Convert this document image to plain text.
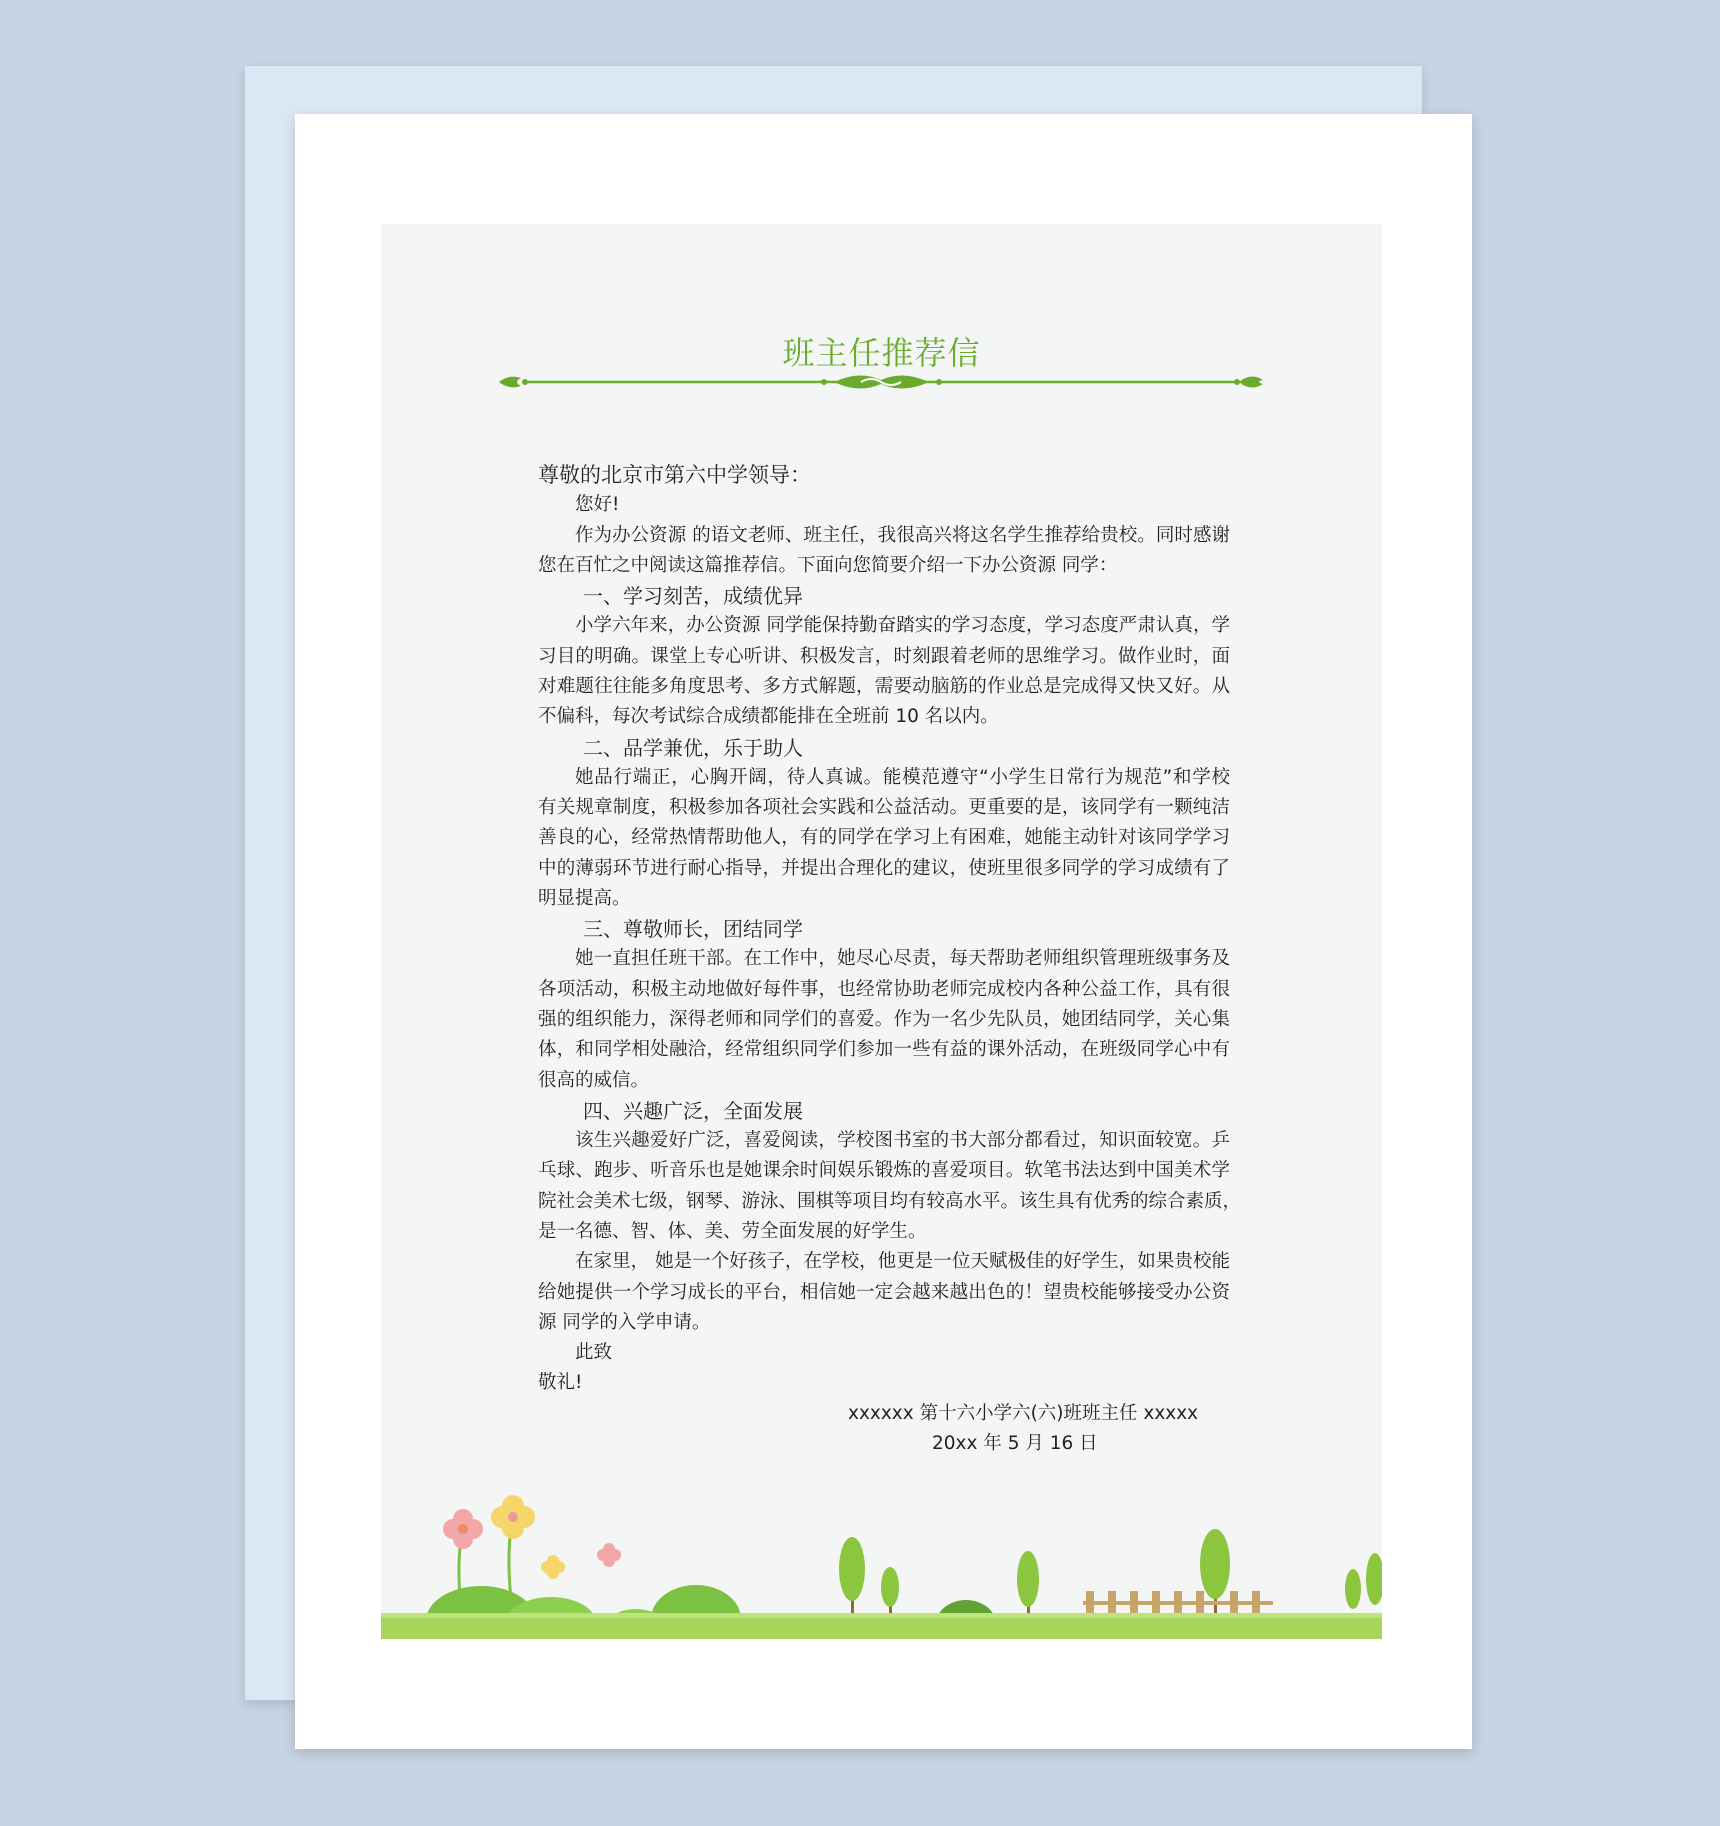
班主任推荐信
尊敬的北京市第六中学领导：
您好!
作为办公资源 的语文老师、班主任，我很高兴将这名学生推荐给贵校。同时感谢
您在百忙之中阅读这篇推荐信。下面向您简要介绍一下办公资源 同学：
一、学习刻苦，成绩优异
小学六年来，办公资源 同学能保持勤奋踏实的学习态度，学习态度严肃认真，学
习目的明确。课堂上专心听讲、积极发言，时刻跟着老师的思维学习。做作业时，面
对难题往往能多角度思考、多方式解题，需要动脑筋的作业总是完成得又快又好。从
不偏科，每次考试综合成绩都能排在全班前 10 名以内。
二、品学兼优，乐于助人
她品行端正，心胸开阔，待人真诚。能模范遵守“小学生日常行为规范”和学校
有关规章制度，积极参加各项社会实践和公益活动。更重要的是，该同学有一颗纯洁
善良的心，经常热情帮助他人，有的同学在学习上有困难，她能主动针对该同学学习
中的薄弱环节进行耐心指导，并提出合理化的建议，使班里很多同学的学习成绩有了
明显提高。
三、尊敬师长，团结同学
她一直担任班干部。在工作中，她尽心尽责，每天帮助老师组织管理班级事务及
各项活动，积极主动地做好每件事，也经常协助老师完成校内各种公益工作，具有很
强的组织能力，深得老师和同学们的喜爱。作为一名少先队员，她团结同学，关心集
体，和同学相处融洽，经常组织同学们参加一些有益的课外活动，在班级同学心中有
很高的威信。
四、兴趣广泛，全面发展
该生兴趣爱好广泛，喜爱阅读，学校图书室的书大部分都看过，知识面较宽。乒
乓球、跑步、听音乐也是她课余时间娱乐锻炼的喜爱项目。软笔书法达到中国美术学
院社会美术七级，钢琴、游泳、围棋等项目均有较高水平。该生具有优秀的综合素质，
是一名德、智、体、美、劳全面发展的好学生。
在家里， 她是一个好孩子，在学校，他更是一位天赋极佳的好学生，如果贵校能
给她提供一个学习成长的平台，相信她一定会越来越出色的！望贵校能够接受办公资
源 同学的入学申请。
此致
敬礼!
xxxxxx 第十六小学六(六)班班主任 xxxxx
20xx 年 5 月 16 日
